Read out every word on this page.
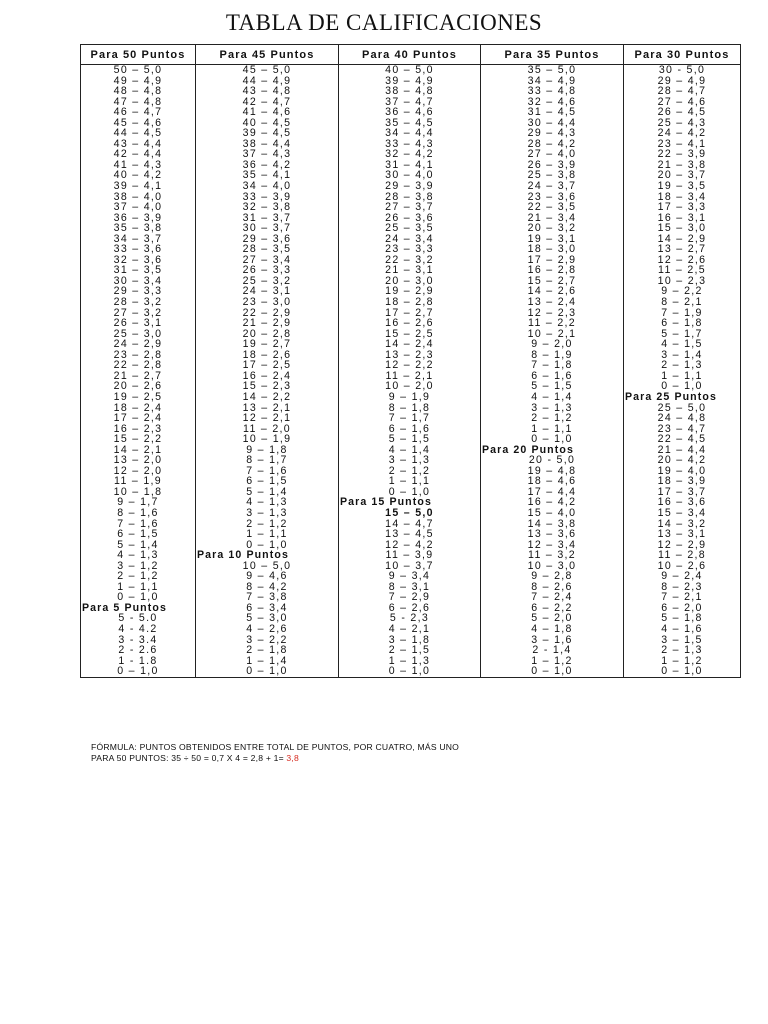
TABLA DE CALIFICACIONES
Para 50 Puntos	Para 45 Puntos	Para 40 Puntos	Para 35 Puntos	Para 30 Puntos
50 – 5,0	45 – 5,0	40 – 5,0	35 – 5,0	30 - 5,0
49 – 4,9	44 – 4,9	39 – 4,9	34 – 4,9	29 – 4,9
48 – 4,8	43 – 4,8	38 – 4,8	33 – 4,8	28 – 4,7
47 – 4,8	42 – 4,7	37 – 4,7	32 – 4,6	27 – 4,6
46 – 4,7	41 – 4,6	36 – 4,6	31 – 4,5	26 – 4,5
45 – 4,6	40 – 4,5	35 – 4,5	30 – 4,4	25 – 4,3
44 – 4,5	39 – 4,5	34 – 4,4	29 – 4,3	24 – 4,2
43 – 4,4	38 – 4,4	33 – 4,3	28 – 4,2	23 – 4,1
42 – 4,4	37 – 4,3	32 – 4,2	27 – 4,0	22 – 3,9
41 – 4,3	36 – 4,2	31 – 4,1	26 – 3,9	21 – 3,8
40 – 4,2	35 – 4,1	30 – 4,0	25 – 3,8	20 – 3,7
39 – 4,1	34 – 4,0	29 – 3,9	24 – 3,7	19 – 3,5
38 – 4,0	33 – 3,9	28 – 3,8	23 – 3,6	18 – 3,4
37 – 4,0	32 – 3,8	27 – 3,7	22 – 3,5	17 – 3,3
36 – 3,9	31 – 3,7	26 – 3,6	21 – 3,4	16 – 3,1
35 – 3,8	30 – 3,7	25 – 3,5	20 – 3,2	15 – 3,0
34 – 3,7	29 – 3,6	24 – 3,4	19 – 3,1	14 – 2,9
33 – 3,6	28 – 3,5	23 – 3,3	18 – 3,0	13 – 2,7
32 – 3,6	27 – 3,4	22 – 3,2	17 – 2,9	12 – 2,6
31 – 3,5	26 – 3,3	21 – 3,1	16 – 2,8	11 – 2,5
30 – 3,4	25 – 3,2	20 – 3,0	15 – 2,7	10 – 2,3
29 – 3,3	24 – 3,1	19 – 2,9	14 – 2,6	9 – 2,2
28 – 3,2	23 – 3,0	18 – 2,8	13 – 2,4	8 – 2,1
27 – 3,2	22 – 2,9	17 – 2,7	12 – 2,3	7 – 1,9
26 – 3,1	21 – 2,9	16 – 2,6	11 – 2,2	6 – 1,8
25 – 3,0	20 – 2,8	15 – 2,5	10 – 2,1	5 – 1,7
24 – 2,9	19 – 2,7	14 – 2,4	9 – 2,0	4 – 1,5
23 – 2,8	18 – 2,6	13 – 2,3	8 – 1,9	3 – 1,4
22 – 2,8	17 – 2,5	12 – 2,2	7 – 1,8	2 – 1,3
21 – 2,7	16 – 2,4	11 – 2,1	6 – 1,6	1 – 1,1
20 – 2,6	15 – 2,3	10 – 2,0	5 – 1,5	0 – 1,0
19 – 2,5	14 – 2,2	9 – 1,9	4 – 1,4	Para 25 Puntos
18 – 2,4	13 – 2,1	8 – 1,8	3 – 1,3	25 – 5,0
17 – 2,4	12 – 2,1	7 – 1,7	2 – 1,2	24 – 4,8
16 – 2,3	11 – 2,0	6 – 1,6	1 – 1,1	23 – 4,7
15 – 2,2	10 – 1,9	5 – 1,5	0 – 1,0	22 – 4,5
14 – 2,1	9 – 1,8	4 – 1,4	Para 20 Puntos	21 – 4,4
13 – 2,0	8 – 1,7	3 – 1,3	20 - 5,0	20 – 4,2
12 – 2,0	7 – 1,6	2 – 1,2	19 – 4,8	19 – 4,0
11 – 1,9	6 – 1,5	1 – 1,1	18 – 4,6	18 – 3,9
10 – 1,8	5 – 1,4	0 – 1,0	17 – 4,4	17 – 3,7
9 – 1,7	4 – 1,3	Para 15 Puntos	16 – 4,2	16 – 3,6
8 – 1,6	3 – 1,3	15 – 5,0	15 – 4,0	15 – 3,4
7 – 1,6	2 – 1,2	14 – 4,7	14 – 3,8	14 – 3,2
6 – 1,5	1 – 1,1	13 – 4,5	13 – 3,6	13 – 3,1
5 – 1,4	0 – 1,0	12 – 4,2	12 – 3,4	12 – 2,9
4 – 1,3	Para 10 Puntos	11 – 3,9	11 – 3,2	11 – 2,8
3 – 1,2	10 – 5,0	10 – 3,7	10 – 3,0	10 – 2,6
2 – 1,2	9 – 4,6	9 – 3,4	9 – 2,8	9 – 2,4
1 – 1,1	8 – 4,2	8 – 3,1	8 – 2,6	8 – 2,3
0 – 1,0	7 – 3,8	7 – 2,9	7 – 2,4	7 – 2,1
Para 5 Puntos	6 – 3,4	6 – 2,6	6 – 2,2	6 – 2,0
5 - 5.0	5 – 3,0	5 - 2,3	5 – 2,0	5 – 1,8
4 - 4.2	4 – 2,6	4 – 2,1	4 – 1,8	4 – 1,6
3 - 3.4	3 – 2,2	3 – 1,8	3 – 1,6	3 – 1,5
2 - 2.6	2 – 1,8	2 – 1,5	2 - 1,4	2 – 1,3
1 - 1.8	1 – 1,4	1 – 1,3	1 – 1,2	1 – 1,2
0 – 1,0	0 – 1,0	0 – 1,0	0 – 1,0	0 – 1,0
FÓRMULA: PUNTOS OBTENIDOS ENTRE TOTAL DE PUNTOS, POR CUATRO, MÁS UNO
PARA 50 PUNTOS: 35 ÷ 50 = 0,7 X 4 = 2,8 + 1= 3,8
